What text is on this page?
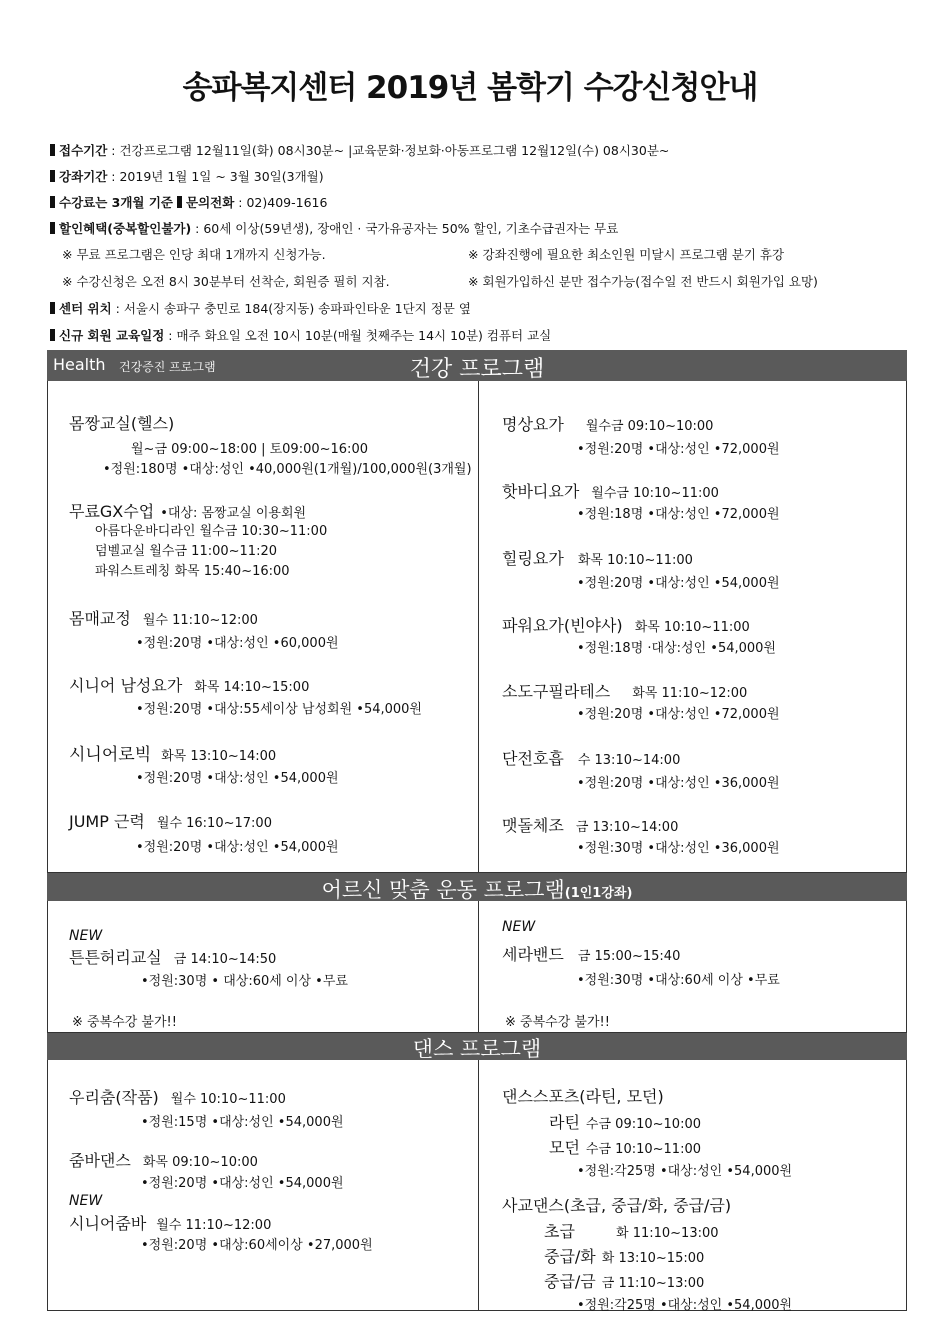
송파복지센터 2019년 봄학기 수강신청안내
접수기간 : 건강프로그램 12월11일(화) 08시30분~ |교육문화·정보화·아동프로그램 12월12일(수) 08시30분~
강좌기간 : 2019년 1월 1일 ~ 3월 30일(3개월)
수강료는 3개월 기준 문의전화 : 02)409-1616
할인혜택(중복할인불가) : 60세 이상(59년생), 장애인 · 국가유공자는 50% 할인, 기초수급권자는 무료
※ 무료 프로그램은 인당 최대 1개까지 신청가능.	※ 강좌진행에 필요한 최소인원 미달시 프로그램 분기 휴강
※ 수강신청은 오전 8시 30분부터 선착순, 회원증 필히 지참.	※ 회원가입하신 분만 접수가능(접수일 전 반드시 회원가입 요망)
센터 위치 : 서울시 송파구 충민로 184(장지동) 송파파인타운 1단지 정문 옆
신규 회원 교육일정 : 매주 화요일 오전 10시 10분(매월 첫째주는 14시 10분) 컴퓨터 교실
Health 건강증진 프로그램	건강 프로그램
몸짱교실(헬스)
월~금 09:00~18:00 | 토09:00~16:00
•정원:180명 •대상:성인 •40,000원(1개월)/100,000원(3개월)
무료GX수업 •대상: 몸짱교실 이용회원
아름다운바디라인 월수금 10:30~11:00
덤벨교실 월수금 11:00~11:20
파워스트레칭 화목 15:40~16:00
몸매교정 월수 11:10~12:00
•정원:20명 •대상:성인 •60,000원
시니어 남성요가 화목 14:10~15:00
•정원:20명 •대상:55세이상 남성회원 •54,000원
시니어로빅 화목 13:10~14:00
•정원:20명 •대상:성인 •54,000원
JUMP 근력 월수 16:10~17:00
•정원:20명 •대상:성인 •54,000원
명상요가 월수금 09:10~10:00
•정원:20명 •대상:성인 •72,000원
핫바디요가 월수금 10:10~11:00
•정원:18명 •대상:성인 •72,000원
힐링요가 화목 10:10~11:00
•정원:20명 •대상:성인 •54,000원
파워요가(빈야사) 화목 10:10~11:00
•정원:18명 ·대상:성인 •54,000원
소도구필라테스 화목 11:10~12:00
•정원:20명 •대상:성인 •72,000원
단전호흡 수 13:10~14:00
•정원:20명 •대상:성인 •36,000원
맷돌체조 금 13:10~14:00
•정원:30명 •대상:성인 •36,000원
어르신 맞춤 운동 프로그램(1인1강좌)
NEW
튼튼허리교실 금 14:10~14:50
•정원:30명 • 대상:60세 이상 •무료
※ 중복수강 불가!!
NEW
세라밴드 금 15:00~15:40
•정원:30명 •대상:60세 이상 •무료
※ 중복수강 불가!!
댄스 프로그램
우리춤(작품) 월수 10:10~11:00
•정원:15명 •대상:성인 •54,000원
줌바댄스 화목 09:10~10:00
•정원:20명 •대상:성인 •54,000원
NEW
시니어줌바 월수 11:10~12:00
•정원:20명 •대상:60세이상 •27,000원
댄스스포츠(라틴, 모던)
라틴 수금 09:10~10:00
모던 수금 10:10~11:00
•정원:각25명 •대상:성인 •54,000원
사교댄스(초급, 중급/화, 중급/금)
초급	화 11:10~13:00
중급/화 화 13:10~15:00
중급/금 금 11:10~13:00
•정원:각25명 •대상:성인 •54,000원
